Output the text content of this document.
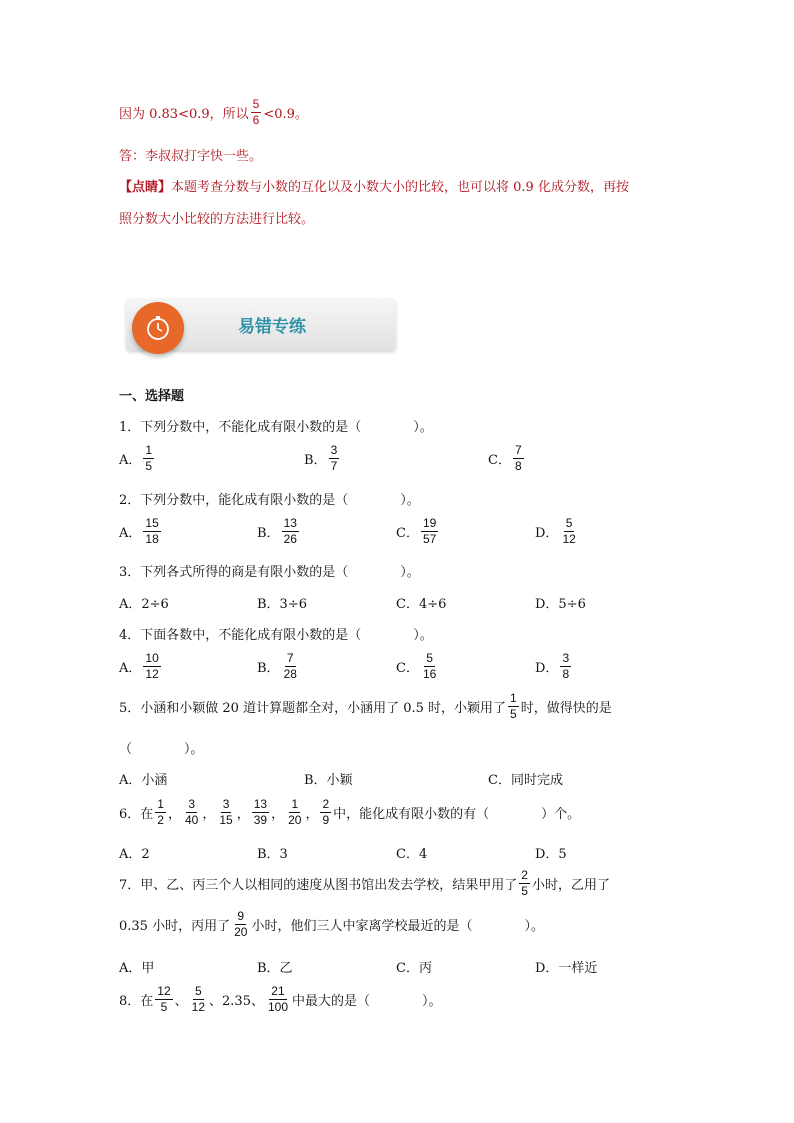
因为 0.83<0.9，所以 $\frac{5}{6} <0.9$。
答：李叔叔打字快一些。
【点睛】 本题考查分数与小数的互化以及小数大小的比较，也可以将 0.9 化成分数，再按
照分数大小比较的方法进行比较。
易错专练
一、选择题
1．下列分数中，不能化成有限小数的是（　　　　）。
A． $\frac{1}{5}$	B． $\frac{3}{7}$	C． $\frac{7}{8}$
2．下列分数中，能化成有限小数的是（　　　　）。
A． $\frac{15}{18}$	B． $\frac{13}{26}$	C． $\frac{19}{57}$	D． $\frac{5}{12}$
3．下列各式所得的商是有限小数的是（　　　　）。
A．2÷6	B．3÷6	C．4÷6	D．5÷6
4．下面各数中，不能化成有限小数的是（　　　　）。
A． $\frac{10}{12}$	B． $\frac{7}{28}$	C． $\frac{5}{16}$	D． $\frac{3}{8}$
5．小涵和小颖做 20 道计算题都全对，小涵用了 0.5 时，小颖用了 $\frac{1}{5}$ 时，做得快的是
（　　　　）。
A．小涵	B．小颖	C．同时完成
6．在 $\frac{1}{2}$ ， $\frac{3}{40}$ ， $\frac{3}{15}$ ， $\frac{13}{39}$ ， $\frac{1}{20}$ ， $\frac{2}{9}$ 中，能化成有限小数的有（　　　　）个。
A．2	B．3	C．4	D．5
7．甲、乙、丙三个人以相同的速度从图书馆出发去学校，结果甲用了 $\frac{2}{5}$ 小时，乙用了
0.35 小时，丙用了 $\frac{9}{20}$ 小时，他们三人中家离学校最近的是（　　　　）。
A．甲	B．乙	C．丙	D．一样近
8．在 $\frac{12}{5}$ 、 $\frac{5}{12}$ 、2.35、 $\frac{21}{100}$ 中最大的是（　　　　）。
